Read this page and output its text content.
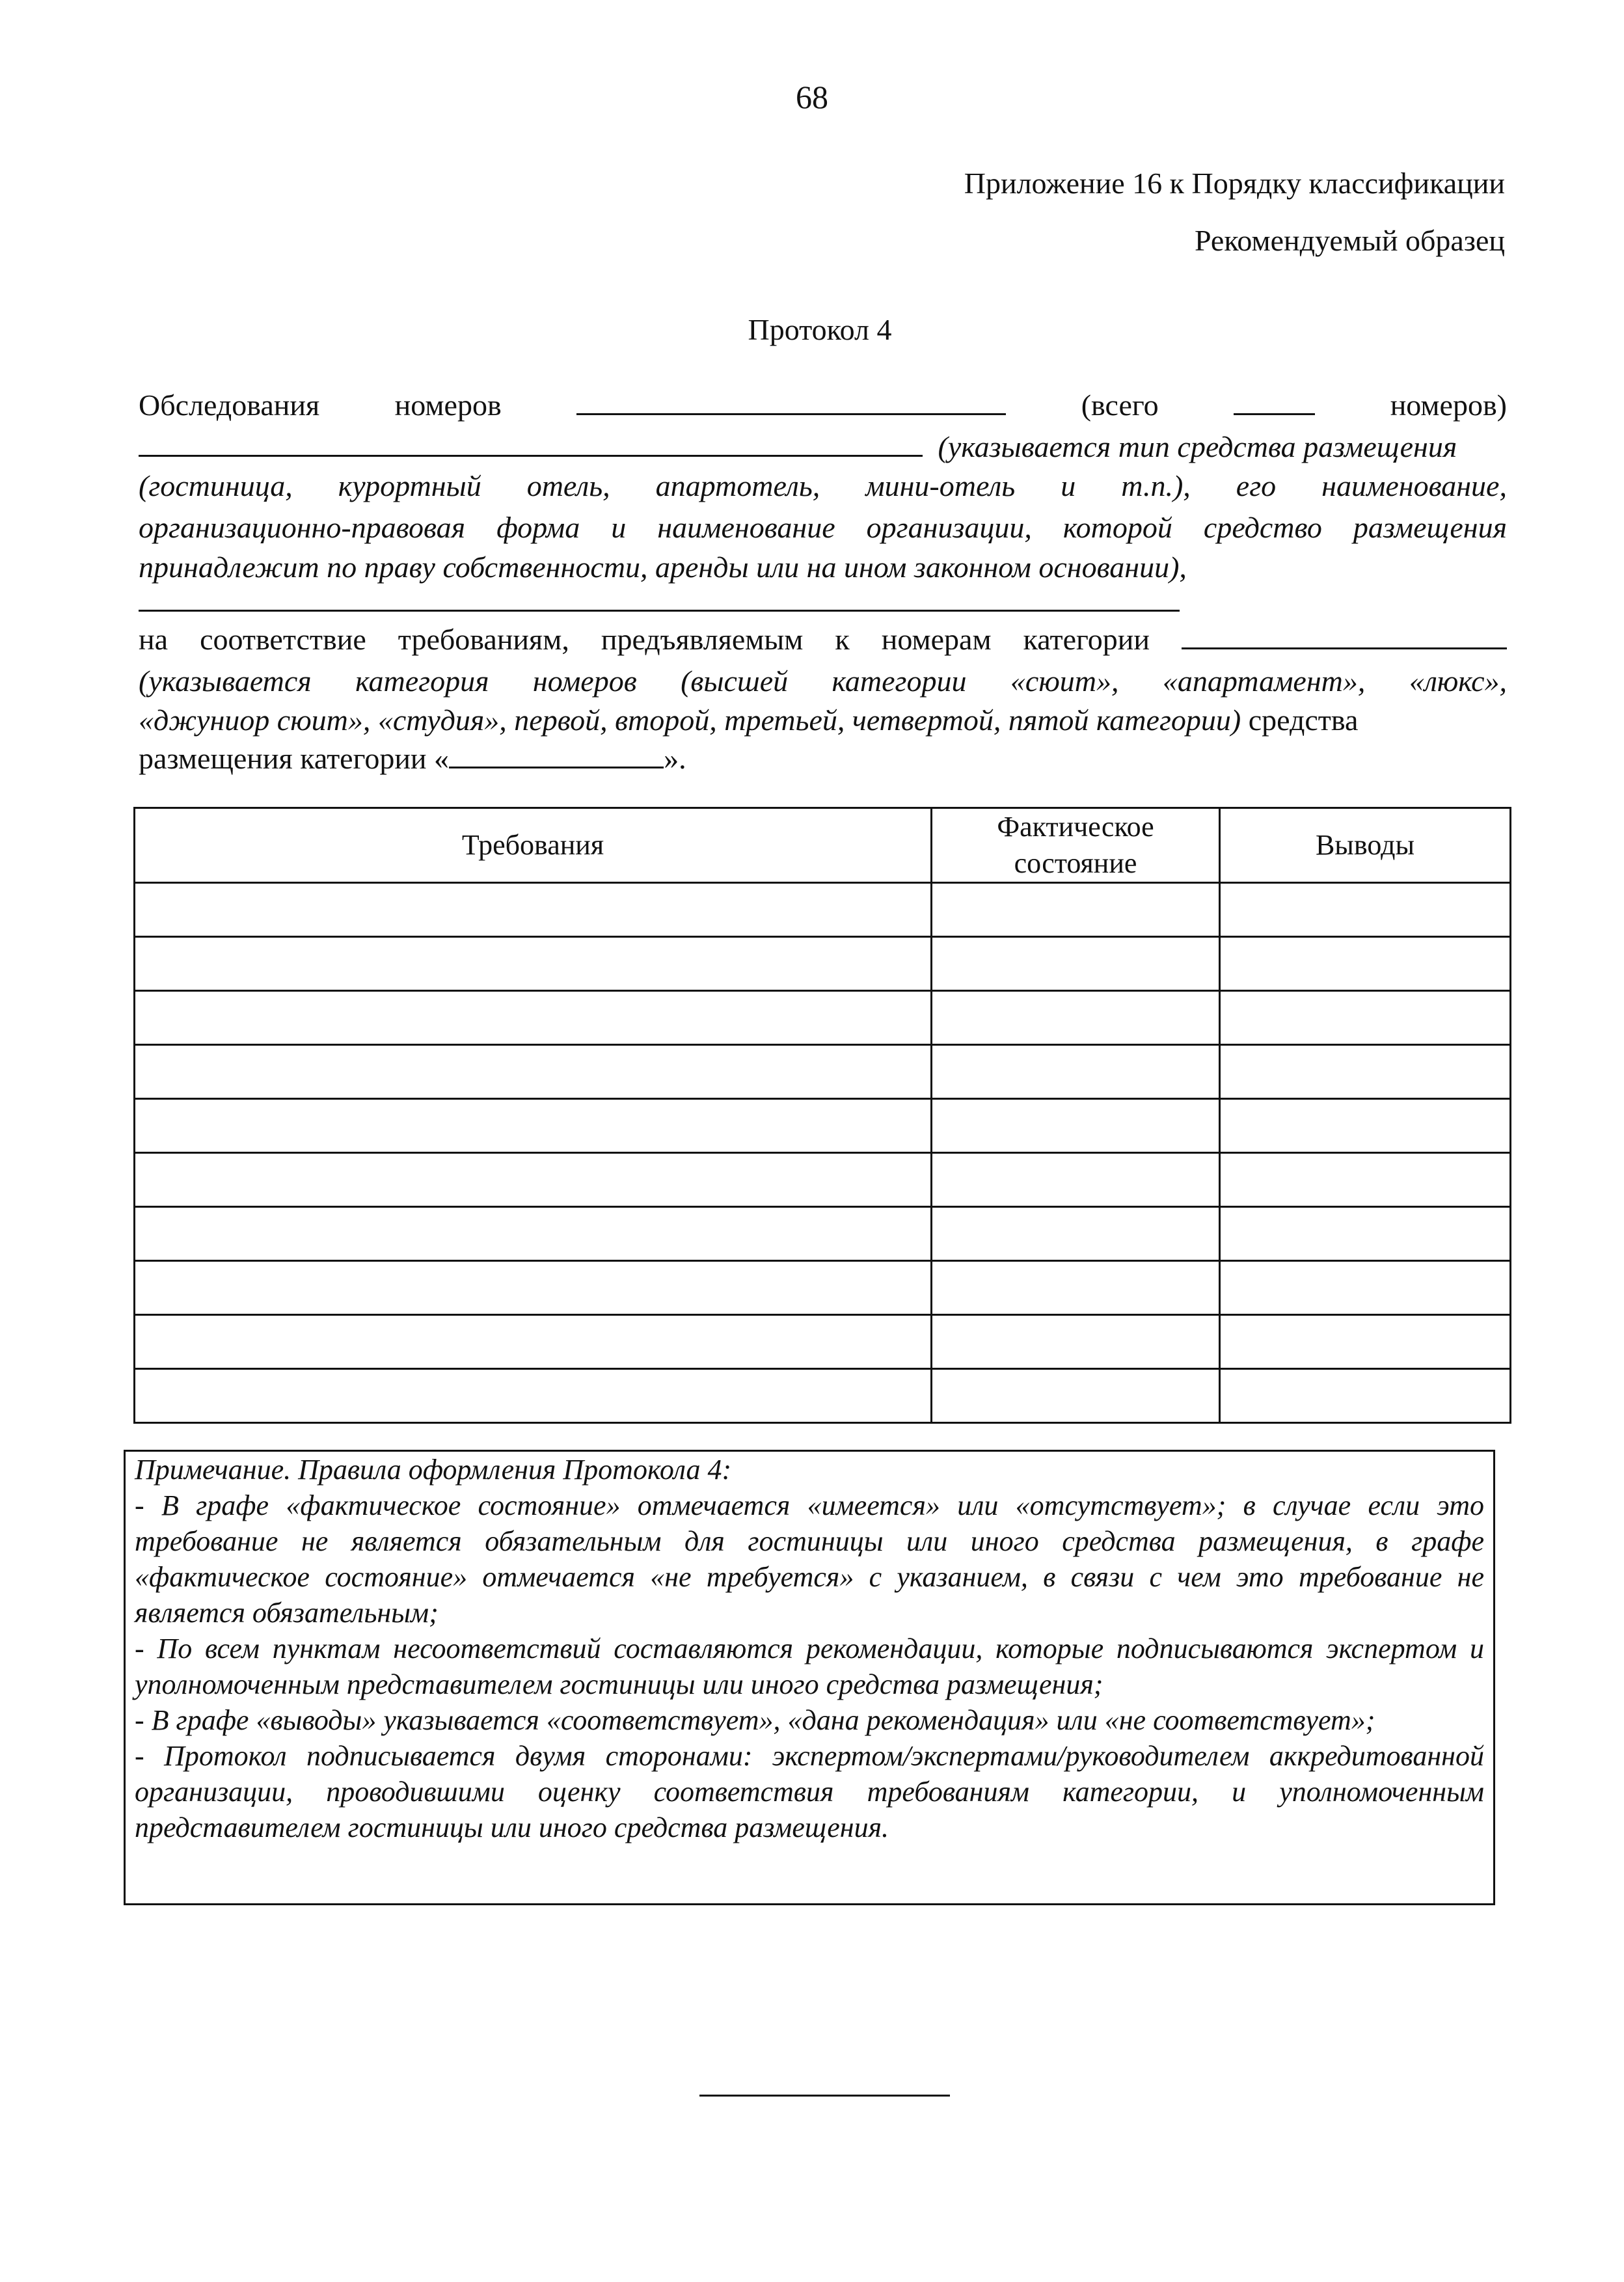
68
Приложение 16 к Порядку классификации
Рекомендуемый образец
Протокол 4
Обследования	номеров	(всего	номеров)
(указывается тип средства размещения
(гостиница, курортный отель, апартотель, мини-отель и т.п.), его наименование,
организационно-правовая форма и наименование организации, которой средство размещения
принадлежит по праву собственности, аренды или на ином законном основании),
на соответствие требованиям, предъявляемым к номерам категории
(указывается категория номеров (высшей категории «сюит», «апартамент», «люкс»,
«джуниор сюит», «студия», первой, второй, третьей, четвертой, пятой категории) средства
размещения категории «	».
Требования	Фактическое состояние	Выводы

Примечание. Правила оформления Протокола 4:

- В графе «фактическое состояние» отмечается «имеется» или «отсутствует»; в случае если это требование не является обязательным для гостиницы или иного средства размещения, в графе «фактическое состояние» отмечается «не требуется» с указанием, в связи с чем это требование не является обязательным;

- По всем пунктам несоответствий составляются рекомендации, которые подписываются экспертом и уполномоченным представителем гостиницы или иного средства размещения;

- В графе «выводы» указывается «соответствует», «дана рекомендация» или «не соответствует»;

- Протокол подписывается двумя сторонами: экспертом/экспертами/руководителем аккредитованной организации, проводившими оценку соответствия требованиям категории, и уполномоченным представителем гостиницы или иного средства размещения.
